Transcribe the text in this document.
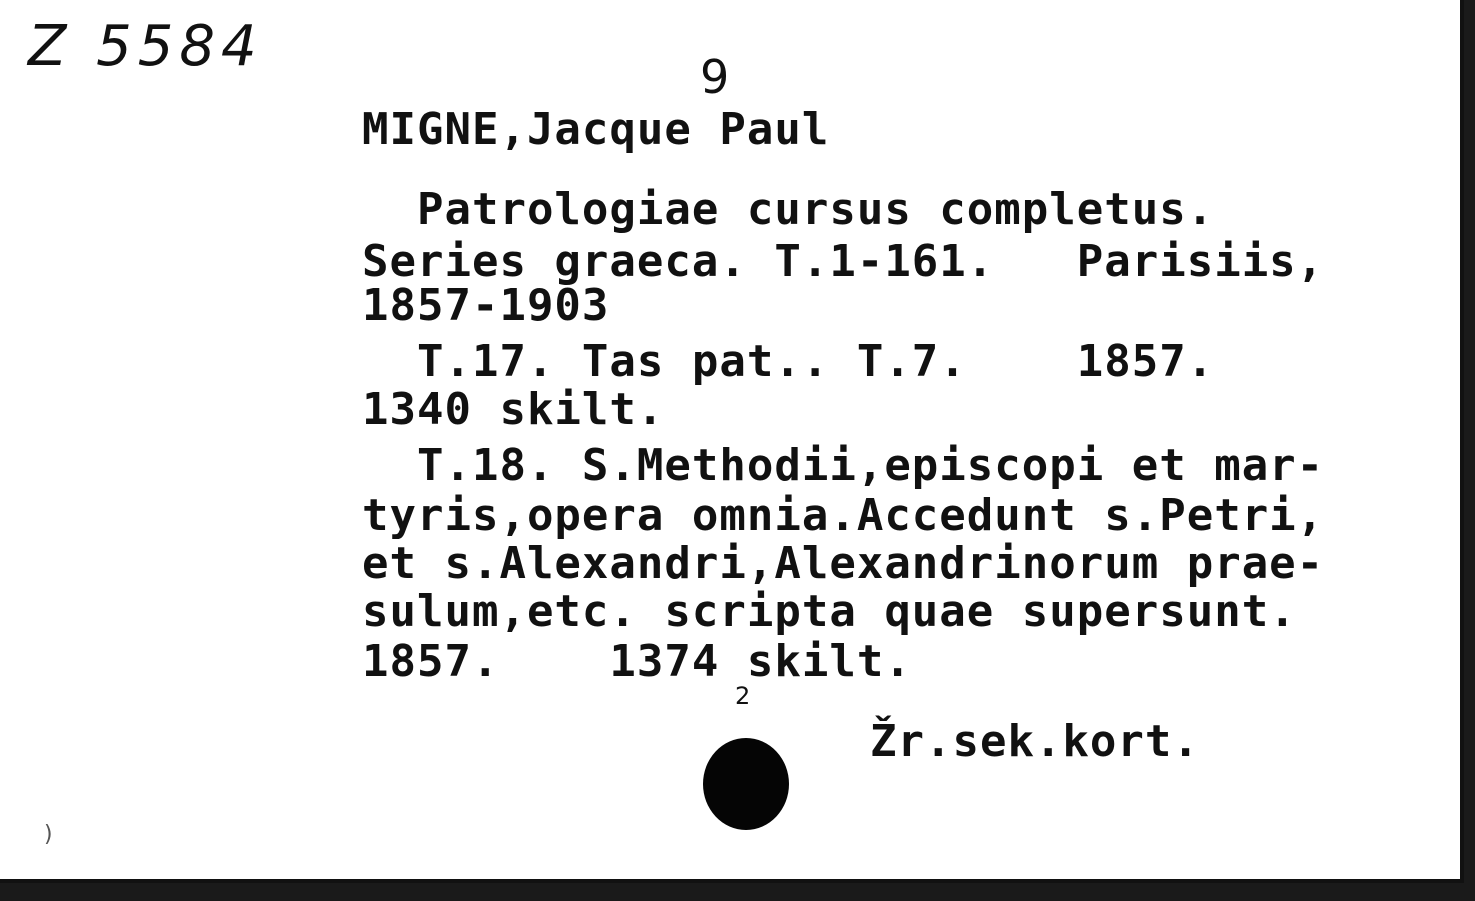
Z 5584	9
MIGNE,Jacque Paul
Patrologiae cursus completus.
Series graeca. T.1-161.   Parisiis,
1857-1903
T.17. Tas pat.. T.7.    1857.
1340 skilt.
T.18. S.Methodii,episcopi et mar-
tyris,opera omnia.Accedunt s.Petri,
et s.Alexandri,Alexandrinorum prae-
sulum,etc. scripta quae supersunt.
1857.    1374 skilt.
2
Žr.sek.kort.
)
